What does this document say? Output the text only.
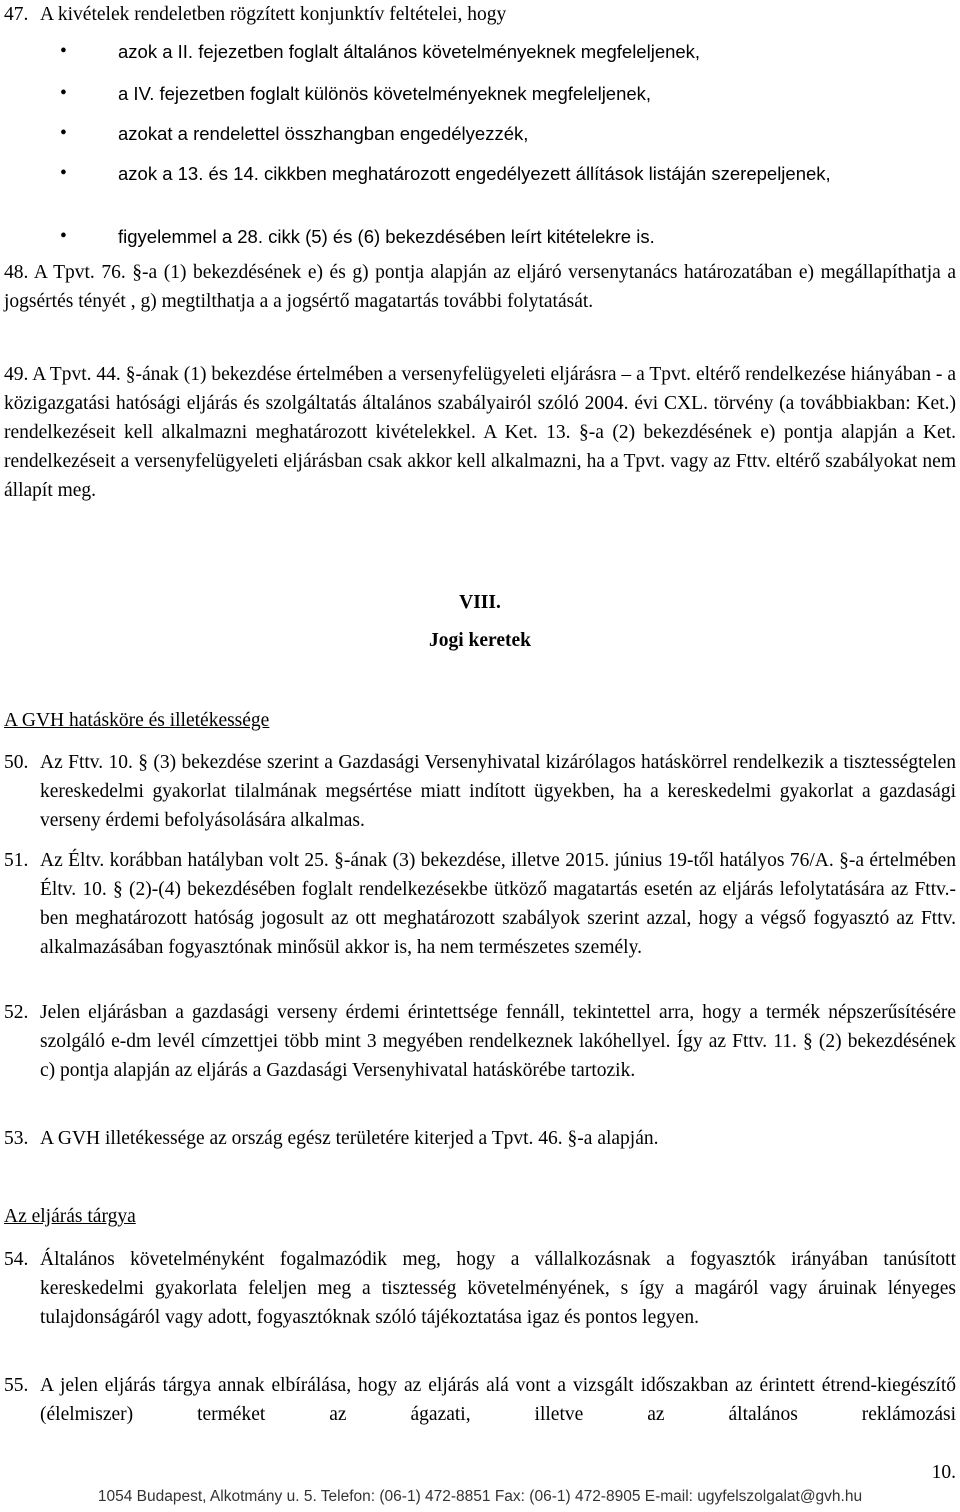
47. A kivételek rendeletben rögzített konjunktív feltételei, hogy
•	azok a II. fejezetben foglalt általános követelményeknek megfeleljenek,
•	a IV. fejezetben foglalt különös követelményeknek megfeleljenek,
•	azokat a rendelettel összhangban engedélyezzék,
•	azok a 13. és 14. cikkben meghatározott engedélyezett állítások listáján szerepeljenek,
•	figyelemmel a 28. cikk (5) és (6) bekezdésében leírt kitételekre is.
48. A Tpvt. 76. §-a (1) bekezdésének e) és g) pontja alapján az eljáró versenytanács határozatában e) megállapíthatja a jogsértés tényét , g) megtilthatja a a jogsértő magatartás további folytatását.
49. A Tpvt. 44. §-ának (1) bekezdése értelmében a versenyfelügyeleti eljárásra – a Tpvt. eltérő rendelkezése hiányában - a közigazgatási hatósági eljárás és szolgáltatás általános szabályairól szóló 2004. évi CXL. törvény (a továbbiakban: Ket.) rendelkezéseit kell alkalmazni meghatározott kivételekkel. A Ket. 13. §-a (2) bekezdésének e) pontja alapján a Ket. rendelkezéseit a versenyfelügyeleti eljárásban csak akkor kell alkalmazni, ha a Tpvt. vagy az Fttv. eltérő szabályokat nem állapít meg.
VIII.
Jogi keretek
A GVH hatásköre és illetékessége
50. Az Fttv. 10. § (3) bekezdése szerint a Gazdasági Versenyhivatal kizárólagos hatáskörrel rendelkezik a tisztességtelen kereskedelmi gyakorlat tilalmának megsértése miatt indított ügyekben, ha a kereskedelmi gyakorlat a gazdasági verseny érdemi befolyásolására alkalmas.
51. Az Éltv. korábban hatályban volt 25. §-ának (3) bekezdése, illetve 2015. június 19-től hatályos 76/A. §-a értelmében Éltv. 10. § (2)-(4) bekezdésében foglalt rendelkezésekbe ütköző magatartás esetén az eljárás lefolytatására az Fttv.-ben meghatározott hatóság jogosult az ott meghatározott szabályok szerint azzal, hogy a végső fogyasztó az Fttv. alkalmazásában fogyasztónak minősül akkor is, ha nem természetes személy.
52. Jelen eljárásban a gazdasági verseny érdemi érintettsége fennáll, tekintettel arra, hogy a termék népszerűsítésére szolgáló e-dm levél címzettjei több mint 3 megyében rendelkeznek lakóhellyel. Így az Fttv. 11. § (2) bekezdésének c) pontja alapján az eljárás a Gazdasági Versenyhivatal hatáskörébe tartozik.
53. A GVH illetékessége az ország egész területére kiterjed a Tpvt. 46. §-a alapján.
Az eljárás tárgya
54. Általános követelményként fogalmazódik meg, hogy a vállalkozásnak a fogyasztók irányában tanúsított kereskedelmi gyakorlata feleljen meg a tisztesség követelményének, s így a magáról vagy áruinak lényeges tulajdonságáról vagy adott, fogyasztóknak szóló tájékoztatása igaz és pontos legyen.
55. A jelen eljárás tárgya annak elbírálása, hogy az eljárás alá vont a vizsgált időszakban az érintett étrend-kiegészítő (élelmiszer) terméket az ágazati, illetve az általános reklámozási
10.
1054 Budapest, Alkotmány u. 5. Telefon: (06-1) 472-8851 Fax: (06-1) 472-8905 E-mail: ugyfelszolgalat@gvh.hu
